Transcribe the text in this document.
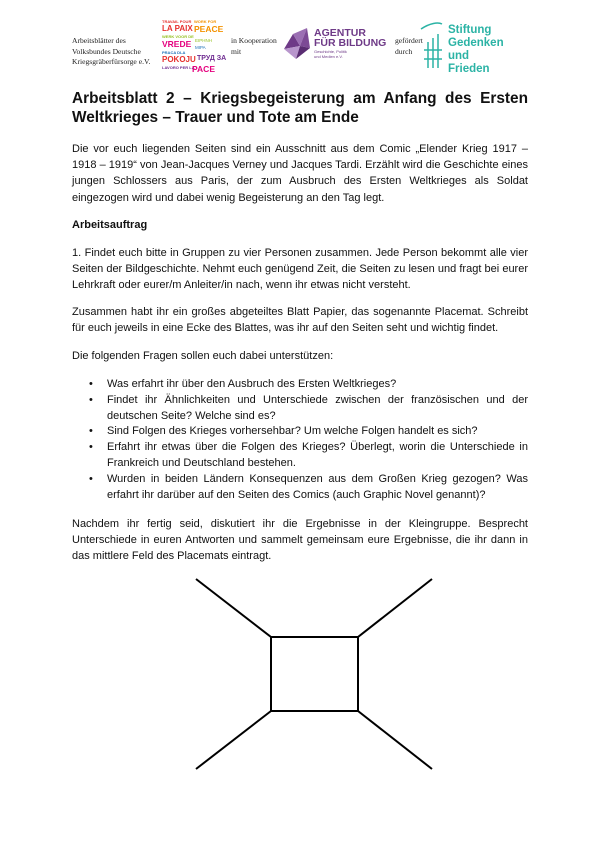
Arbeitsblätter des
Volksbundes Deutsche
Kriegsgräberfürsorge e.V.
TRAVAIL POUR
LA PAIX
WORK FOR
PEACE
WERK VOOR DE
VREDE ΕΙΡΗΝΗ
ΜΙΡΑ
PRACA DLA
POKOJU ТРУД ЗА
LAVORO PER LA
PACE
in Kooperation
mit
AGENTUR
FÜR BILDUNG
Geschichte, Politik
und Medien e.V.
gefördert
durch
Stiftung
Gedenken
und
Frieden
Arbeitsblatt 2 – Kriegsbegeisterung am Anfang des Ersten Weltkrieges – Trauer und Tote am Ende
Die vor euch liegenden Seiten sind ein Ausschnitt aus dem Comic „Elender Krieg 1917 – 1918 – 1919“ von Jean-Jacques Verney und Jacques Tardi. Erzählt wird die Geschichte eines jungen Schlossers aus Paris, der zum Ausbruch des Ersten Weltkrieges als Soldat eingezogen wird und dabei wenig Begeisterung an den Tag legt.
Arbeitsauftrag
1. Findet euch bitte in Gruppen zu vier Personen zusammen. Jede Person bekommt alle vier Seiten der Bildgeschichte. Nehmt euch genügend Zeit, die Seiten zu lesen und fragt bei eurer Lehrkraft oder eurer/m Anleiter/in nach, wenn ihr etwas nicht versteht.
Zusammen habt ihr ein großes abgeteiltes Blatt Papier, das sogenannte Placemat. Schreibt für euch jeweils in eine Ecke des Blattes, was ihr auf den Seiten seht und wichtig findet.
Die folgenden Fragen sollen euch dabei unterstützen:
• Was erfahrt ihr über den Ausbruch des Ersten Weltkrieges?
• Findet ihr Ähnlichkeiten und Unterschiede zwischen der französischen und der deutschen Seite? Welche sind es?
• Sind Folgen des Krieges vorhersehbar? Um welche Folgen handelt es sich?
• Erfahrt ihr etwas über die Folgen des Krieges? Überlegt, worin die Unterschiede in Frankreich und Deutschland bestehen.
• Wurden in beiden Ländern Konsequenzen aus dem Großen Krieg gezogen? Was erfahrt ihr darüber auf den Seiten des Comics (auch Graphic Novel genannt)?
Nachdem ihr fertig seid, diskutiert ihr die Ergebnisse in der Kleingruppe. Besprecht Unterschiede in euren Antworten und sammelt gemeinsam eure Ergebnisse, die ihr dann in das mittlere Feld des Placemats eintragt.
